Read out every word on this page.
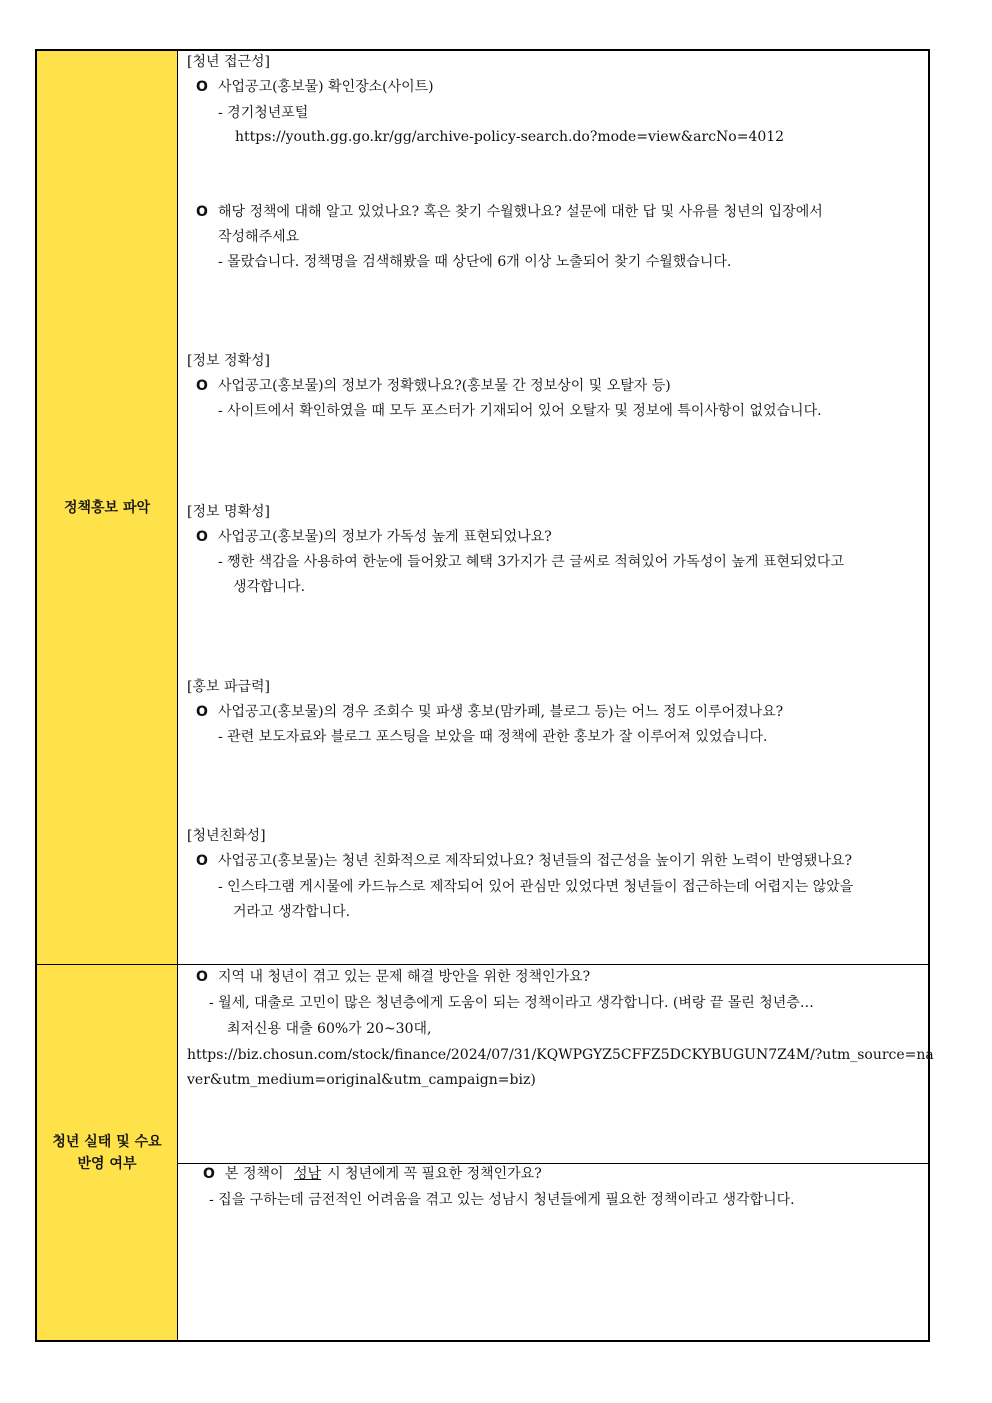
정책홍보 파악
[청년 접근성]
O 사업공고(홍보물) 확인장소(사이트)
- 경기청년포털
https://youth.gg.go.kr/gg/archive-policy-search.do?mode=view&arcNo=4012
O 해당 정책에 대해 알고 있었나요? 혹은 찾기 수월했나요? 설문에 대한 답 및 사유를 청년의 입장에서
작성해주세요
- 몰랐습니다. 정책명을 검색해봤을 때 상단에 6개 이상 노출되어 찾기 수월했습니다.
[정보 정확성]
O 사업공고(홍보물)의 정보가 정확했나요?(홍보물 간 정보상이 및 오탈자 등)
- 사이트에서 확인하였을 때 모두 포스터가 기재되어 있어 오탈자 및 정보에 특이사항이 없었습니다.
[정보 명확성]
O 사업공고(홍보물)의 정보가 가독성 높게 표현되었나요?
- 쨍한 색감을 사용하여 한눈에 들어왔고 혜택 3가지가 큰 글씨로 적혀있어 가독성이 높게 표현되었다고
생각합니다.
[홍보 파급력]
O 사업공고(홍보물)의 경우 조회수 및 파생 홍보(맘카페, 블로그 등)는 어느 정도 이루어졌나요?
- 관련 보도자료와 블로그 포스팅을 보았을 때 정책에 관한 홍보가 잘 이루어져 있었습니다.
[청년친화성]
O 사업공고(홍보물)는 청년 친화적으로 제작되었나요? 청년들의 접근성을 높이기 위한 노력이 반영됐나요?
- 인스타그램 게시물에 카드뉴스로 제작되어 있어 관심만 있었다면 청년들이 접근하는데 어렵지는 않았을
거라고 생각합니다.
청년 실태 및 수요
반영 여부
O 지역 내 청년이 겪고 있는 문제 해결 방안을 위한 정책인가요?
- 월세, 대출로 고민이 많은 청년층에게 도움이 되는 정책이라고 생각합니다. (벼랑 끝 몰린 청년층…
최저신용 대출 60%가 20~30대,
https://biz.chosun.com/stock/finance/2024/07/31/KQWPGYZ5CFFZ5DCKYBUGUN7Z4M/?utm_source=na
ver&utm_medium=original&utm_campaign=biz)
O 본 정책이 성남 시 청년에게 꼭 필요한 정책인가요?
- 집을 구하는데 금전적인 어려움을 겪고 있는 성남시 청년들에게 필요한 정책이라고 생각합니다.
